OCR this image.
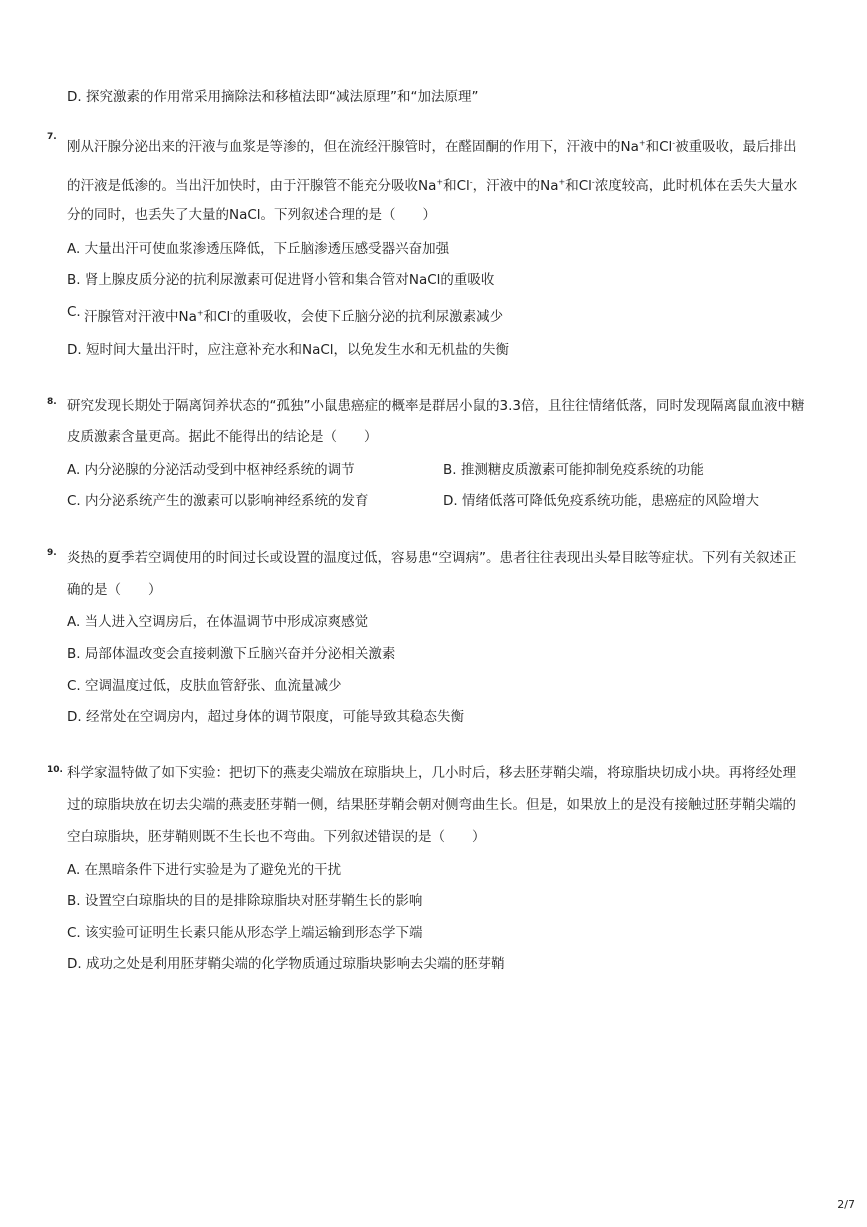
D. 探究激素的作用常采用摘除法和移植法即“减法原理”和“加法原理”
7.
刚从汗腺分泌出来的汗液与血浆是等渗的，但在流经汗腺管时，在醛固酮的作用下，汗液中的Na+和Cl-被重吸收，最后排出
的汗液是低渗的。当出汗加快时，由于汗腺管不能充分吸收Na+和Cl-，汗液中的Na+和Cl-浓度较高，此时机体在丢失大量水
分的同时，也丢失了大量的NaCl。下列叙述合理的是（　　）
A. 大量出汗可使血浆渗透压降低，下丘脑渗透压感受器兴奋加强
B. 肾上腺皮质分泌的抗利尿激素可促进肾小管和集合管对NaCl的重吸收
C. 汗腺管对汗液中Na+和Cl-的重吸收，会使下丘脑分泌的抗利尿激素减少
D. 短时间大量出汗时，应注意补充水和NaCl，以免发生水和无机盐的失衡
8. 研究发现长期处于隔离饲养状态的“孤独”小鼠患癌症的概率是群居小鼠的3.3倍，且往往情绪低落，同时发现隔离鼠血液中糖
皮质激素含量更高。据此不能得出的结论是（　　）
A. 内分泌腺的分泌活动受到中枢神经系统的调节	B. 推测糖皮质激素可能抑制免疫系统的功能
C. 内分泌系统产生的激素可以影响神经系统的发育	D. 情绪低落可降低免疫系统功能，患癌症的风险增大
9. 炎热的夏季若空调使用的时间过长或设置的温度过低，容易患“空调病”。患者往往表现出头晕目眩等症状。下列有关叙述正
确的是（　　）
A. 当人进入空调房后，在体温调节中形成凉爽感觉
B. 局部体温改变会直接刺激下丘脑兴奋并分泌相关激素
C. 空调温度过低，皮肤血管舒张、血流量减少
D. 经常处在空调房内，超过身体的调节限度，可能导致其稳态失衡
10. 科学家温特做了如下实验：把切下的燕麦尖端放在琼脂块上，几小时后，移去胚芽鞘尖端，将琼脂块切成小块。再将经处理
过的琼脂块放在切去尖端的燕麦胚芽鞘一侧，结果胚芽鞘会朝对侧弯曲生长。但是，如果放上的是没有接触过胚芽鞘尖端的
空白琼脂块，胚芽鞘则既不生长也不弯曲。下列叙述错误的是（　　）
A. 在黑暗条件下进行实验是为了避免光的干扰
B. 设置空白琼脂块的目的是排除琼脂块对胚芽鞘生长的影响
C. 该实验可证明生长素只能从形态学上端运输到形态学下端
D. 成功之处是利用胚芽鞘尖端的化学物质通过琼脂块影响去尖端的胚芽鞘
2/7
